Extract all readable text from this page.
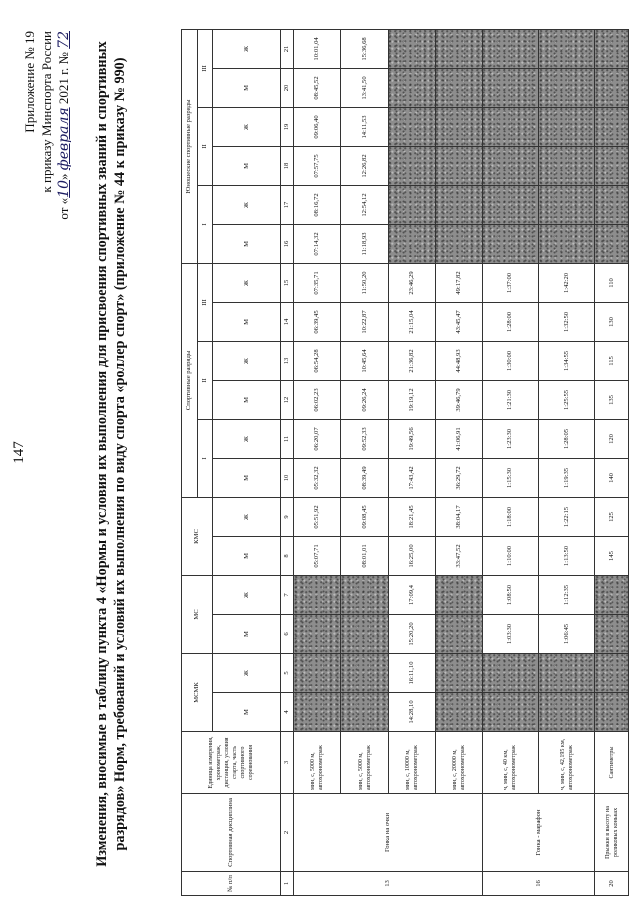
147
Приложение № 19 к приказу Минспорта России
от «10» февраля 2021 г. № 72
Изменения, вносимые в таблицу пункта 4 «Нормы и условия их выполнения для присвоения спортивных званий и спортивных разрядов» Норм, требований и условий их выполнения по виду спорта «роллер спорт» (приложение № 44 к приказу № 990)
№ п/п	Спортивная дисциплина	Единица измерения, хронометраж, дистанция, условия старта, часть спортивного соревнования	МСМК		МС		КМС		Спортивные разряды						Юношеские спортивные разряды					
									I		II		III		I		II		III	
			М	Ж	М	Ж	М	Ж	М	Ж	М	Ж	М	Ж	М	Ж	М	Ж	М	Ж
1	2	3	4	5	6	7	8	9	10	11	12	13	14	15	16	17	18	19	20	21
13	Гонка на очки	мин, с, 5000 м, автохронометраж					05:07,71	05:51,92	05:32,32	06:20,07	06:02,23	06:54,28	06:39,45	07:35,71	07:14,32	08:16,72	07:57,75	09:06,40	08:45,52	10:01,04
		мин, с, 5000 м, автохронометраж					08:01,01	09:08,45	08:39,49	09:52,33	09:26,24	10:45,64	10:22,87	11:50,20	11:18,93	12:54,12	12:26,82	14:11,53	13:41,50	15:36,68
		мин, с, 10000 м, автохронометраж	14:28,10	16:11,10	15:20,20	17:09,4	16:25,00	18:21,45	17:43,42	19:49,56	19:19,12	21:36,82	21:15,04	23:46,29						
		мин, с, 20000 м, автохронометраж					33:47,52	38:04,17	36:29,72	41:06,91	39:46,79	44:48,93	43:45,47	49:17,82						
16	Гонка - марафон	ч, мин, с, 40 км, автохронометраж			1:03:30	1:08:50	1:10:00	1:18:00	1:15:30	1:23:30	1:21:30	1:30:00	1:28:00	1:37:00						
		ч, мин, с, 42,195 км, автохронометраж			1:06:45	1:12:35	1:13:50	1:22:15	1:19:35	1:28:05	1:25:55	1:34:55	1:32:50	1:42:20						
20	Прыжки в высоту на роликовых коньках	Сантиметры					145	125	140	120	135	115	130	110						
